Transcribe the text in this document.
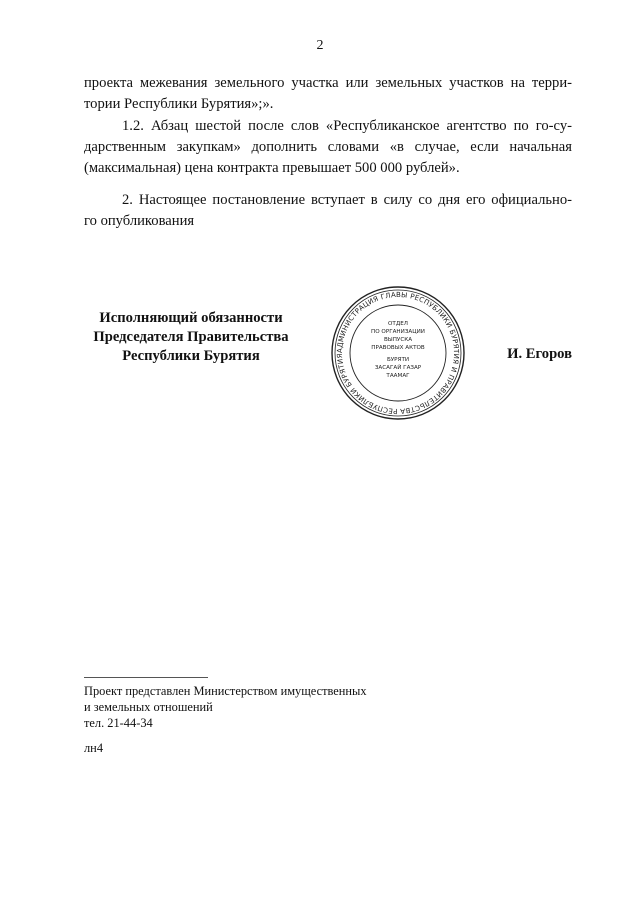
2

проекта межевания земельного участка или земельных участков на терри-

тории Республики Бурятия»;».

1.2. Абзац шестой после слов «Республиканское агентство по го-су-

дарственным закупкам» дополнить словами «в случае, если начальная

(максимальная) цена контракта превышает 500 000 рублей».

2. Настоящее постановление вступает в силу со дня его официально-

го опубликования

Исполняющий обязанности
Председателя Правительства
Республики Бурятия	АДМИНИСТРАЦИЯ ГЛАВЫ РЕСПУБЛИКИ БУРЯТИЯ И ПРАВИТЕЛЬСТВА РЕСПУБЛИКИ БУРЯТИЯ
ОТДЕЛ
ПО ОРГАНИЗАЦИИ
ВЫПУСКА
ПРАВОВЫХ АКТОВ
БУРЯТИ
ЗАСАГАЙ ГАЗАР
ТААМАГ
И. Егоров
Проект представлен Министерством имущественных
и земельных отношений
тел. 21-44-34
лн4
